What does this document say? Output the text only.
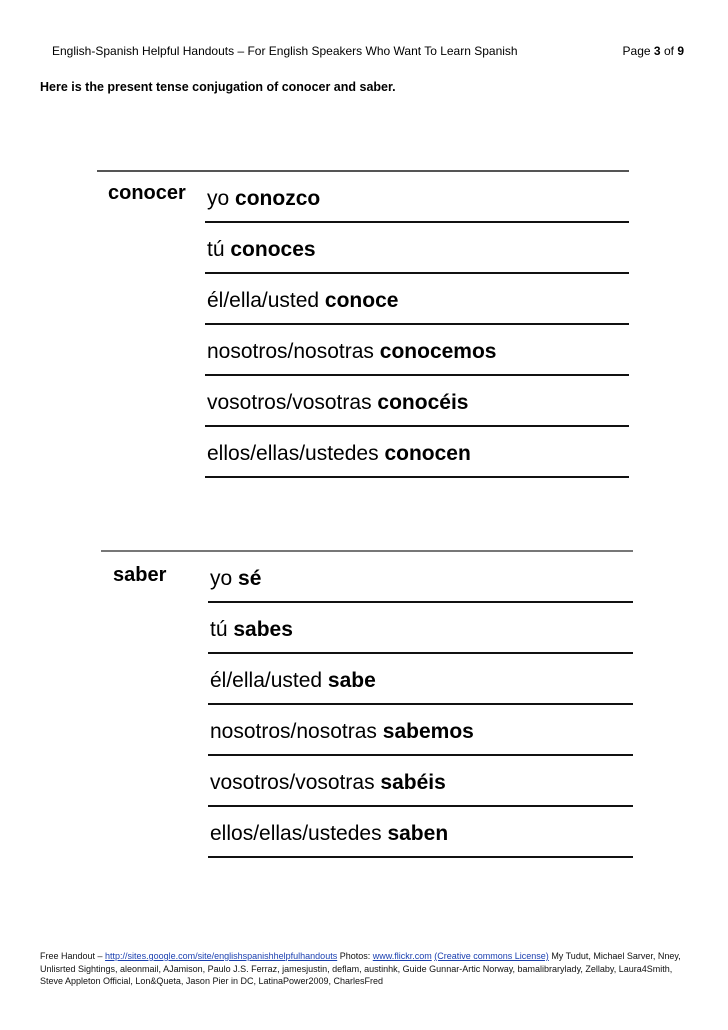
English-Spanish Helpful Handouts – For English Speakers Who Want To Learn Spanish	Page 3 of 9
Here is the present tense conjugation of conocer and saber.
conocer yo conozco
tú conoces
él/ella/usted conoce
nosotros/nosotras conocemos
vosotros/vosotras conocéis
ellos/ellas/ustedes conocen
saber yo sé
tú sabes
él/ella/usted sabe
nosotros/nosotras sabemos
vosotros/vosotras sabéis
ellos/ellas/ustedes saben
Free Handout – http://sites.google.com/site/englishspanishhelpfulhandouts Photos: www.flickr.com (Creative commons License) My Tudut, Michael Sarver, Nney, Unlisrted Sightings, aleonmail, AJamison, Paulo J.S. Ferraz, jamesjustin, deflam, austinhk, Guide Gunnar-Artic Norway, bamalibrarylady, Zellaby, Laura4Smith, Steve Appleton Official, Lon&Queta, Jason Pier in DC, LatinaPower2009, CharlesFred
